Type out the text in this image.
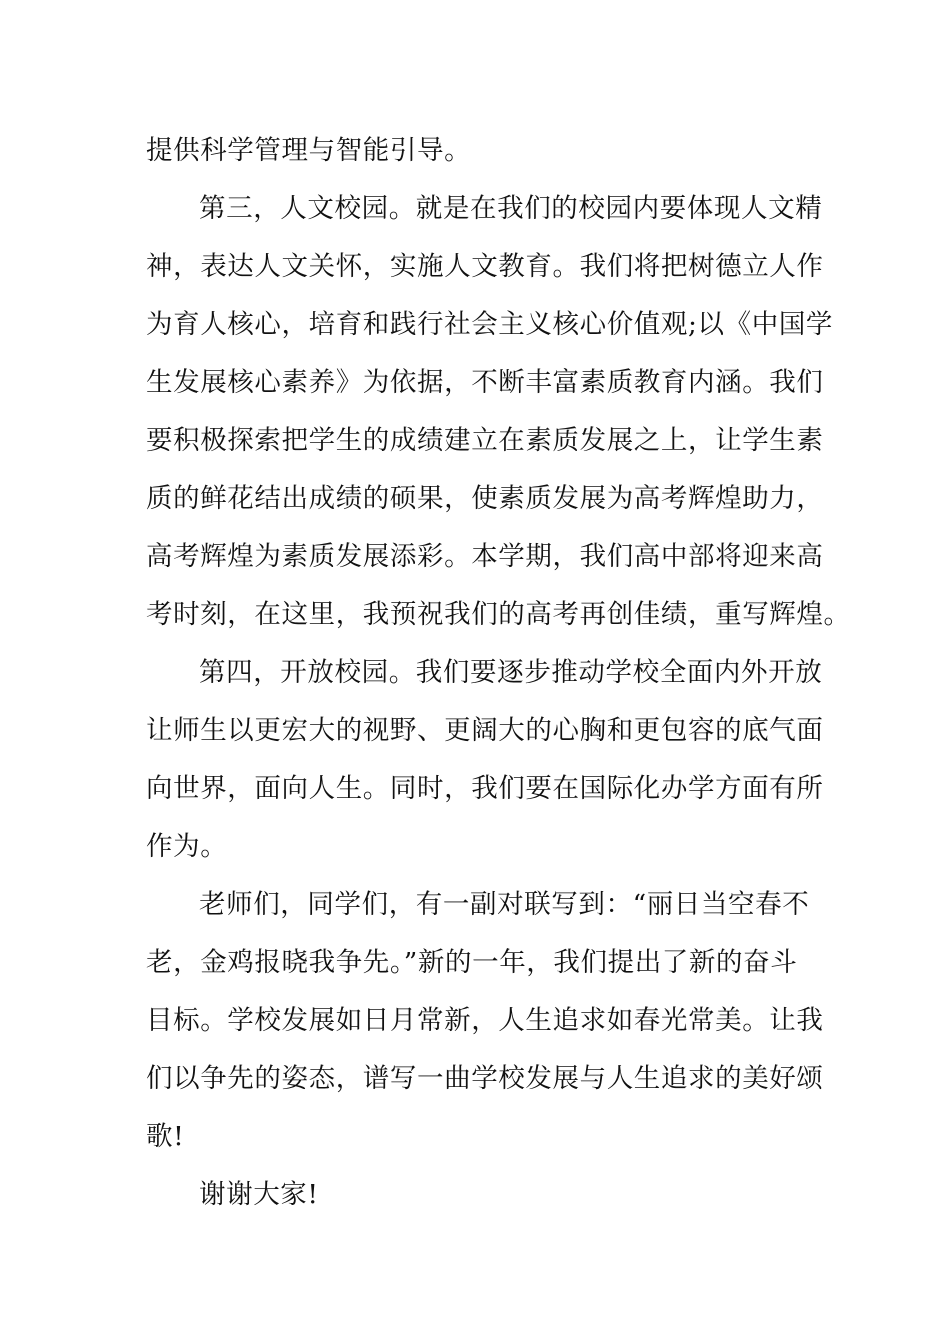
提供科学管理与智能引导。

第三，人文校园。就是在我们的校园内要体现人文精
神，表达人文关怀，实施人文教育。我们将把树德立人作
为育人核心，培育和践行社会主义核心价值观;以《中国学
生发展核心素养》为依据，不断丰富素质教育内涵。我们
要积极探索把学生的成绩建立在素质发展之上，让学生素
质的鲜花结出成绩的硕果，使素质发展为高考辉煌助力，
高考辉煌为素质发展添彩。本学期，我们高中部将迎来高
考时刻，在这里，我预祝我们的高考再创佳绩，重写辉煌。

第四，开放校园。我们要逐步推动学校全面内外开放
让师生以更宏大的视野、更阔大的心胸和更包容的底气面
向世界，面向人生。同时，我们要在国际化办学方面有所
作为。

老师们，同学们，有一副对联写到：“丽日当空春不
老，金鸡报晓我争先。”新的一年，我们提出了新的奋斗
目标。学校发展如日月常新，人生追求如春光常美。让我
们以争先的姿态，谱写一曲学校发展与人生追求的美好颂
歌!

谢谢大家!
